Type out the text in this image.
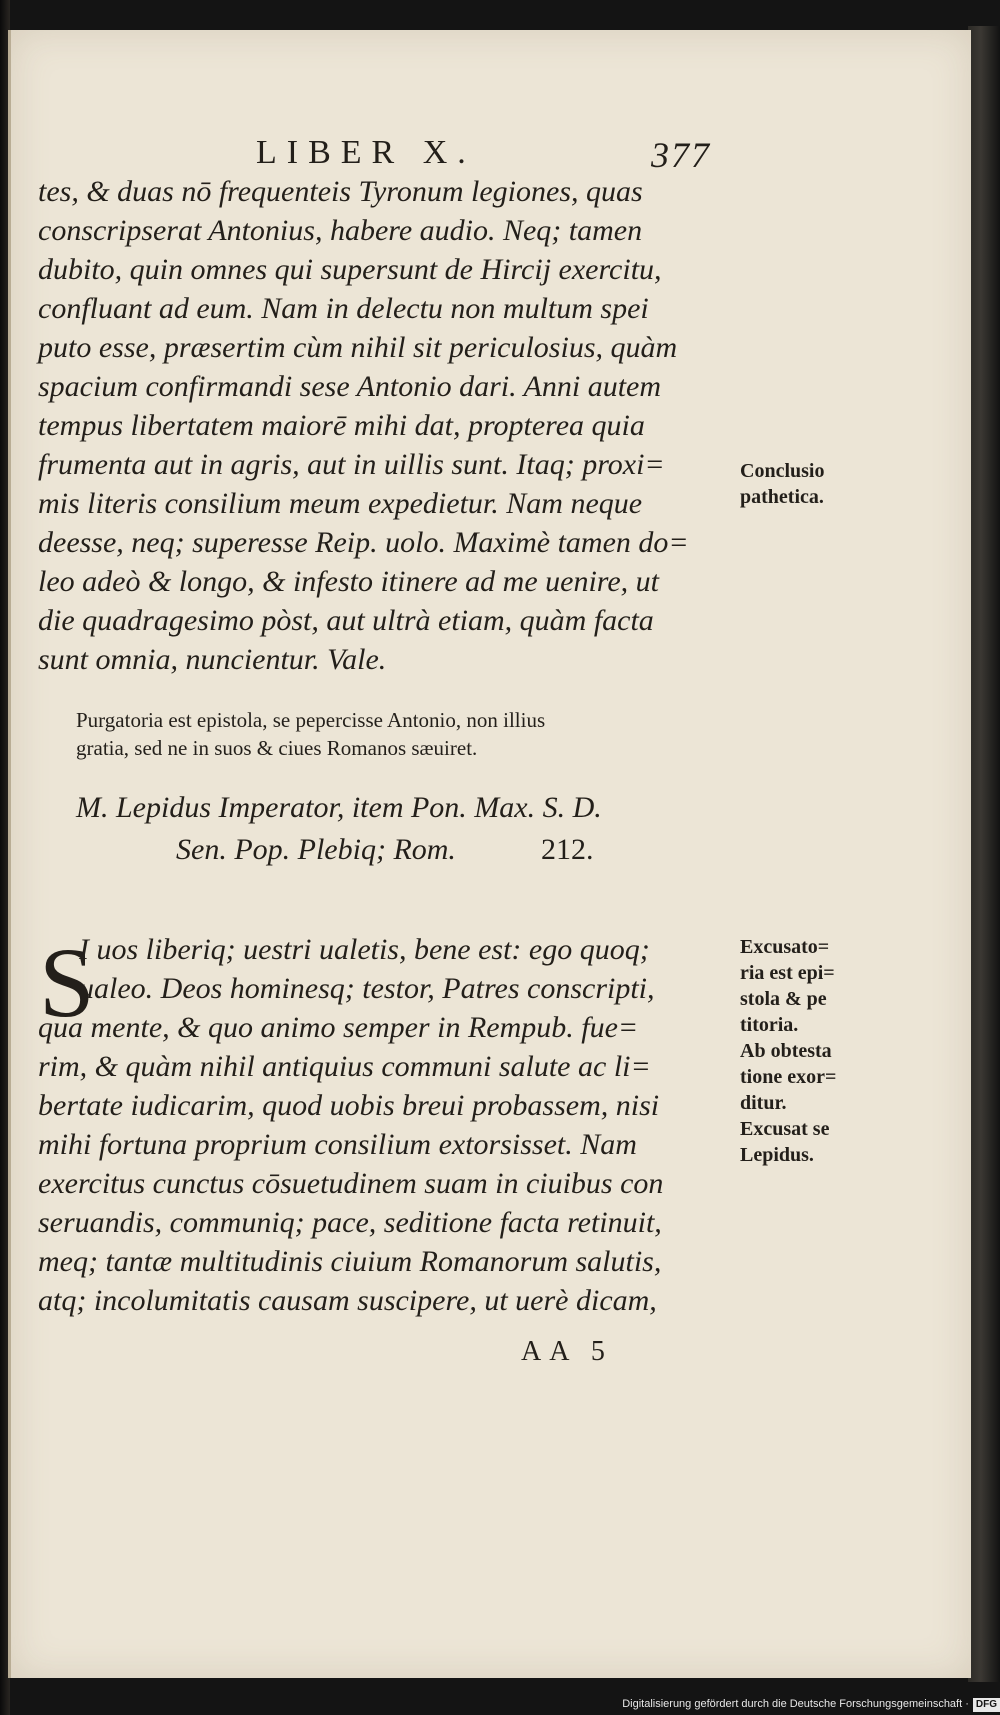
LIBER X.	377
tes, & duas nō frequenteis Tyronum legiones, quas
conscripserat Antonius, habere audio. Neq; tamen
dubito, quin omnes qui supersunt de Hircij exercitu,
confluant ad eum. Nam in delectu non multum spei
puto esse, præsertim cùm nihil sit periculosius, quàm
spacium confirmandi sese Antonio dari. Anni autem
tempus libertatem maiorē mihi dat, propterea quia
frumenta aut in agris, aut in uillis sunt. Itaq; proxi=
mis literis consilium meum expedietur. Nam neque
deesse, neq; superesse Reip. uolo. Maximè tamen do=
leo adeò & longo, & infesto itinere ad me uenire, ut
die quadragesimo pòst, aut ultrà etiam, quàm facta
sunt omnia, nuncientur. Vale.
Conclusio
pathetica.
Purgatoria est epistola, se pepercisse Antonio, non illius
gratia, sed ne in suos & ciues Romanos sæuiret.
M. Lepidus Imperator, item Pon. Max. S. D.
Sen. Pop. Plebiq; Rom.	212.
S
I uos liberiq; uestri ualetis, bene est: ego quoq;
ualeo. Deos hominesq; testor, Patres conscripti,
qua mente, & quo animo semper in Rempub. fue=
rim, & quàm nihil antiquius communi salute ac li=
bertate iudicarim, quod uobis breui probassem, nisi
mihi fortuna proprium consilium extorsisset. Nam
exercitus cunctus cōsuetudinem suam in ciuibus con
seruandis, communiq; pace, seditione facta retinuit,
meq; tantæ multitudinis ciuium Romanorum salutis,
atq; incolumitatis causam suscipere, ut uerè dicam,
Excusato=
ria est epi=
stola & pe
titoria.
Ab obtesta
tione exor=
ditur.
Excusat se
Lepidus.
AA 5
Digitalisierung gefördert durch die Deutsche Forschungsgemeinschaft · DFG
